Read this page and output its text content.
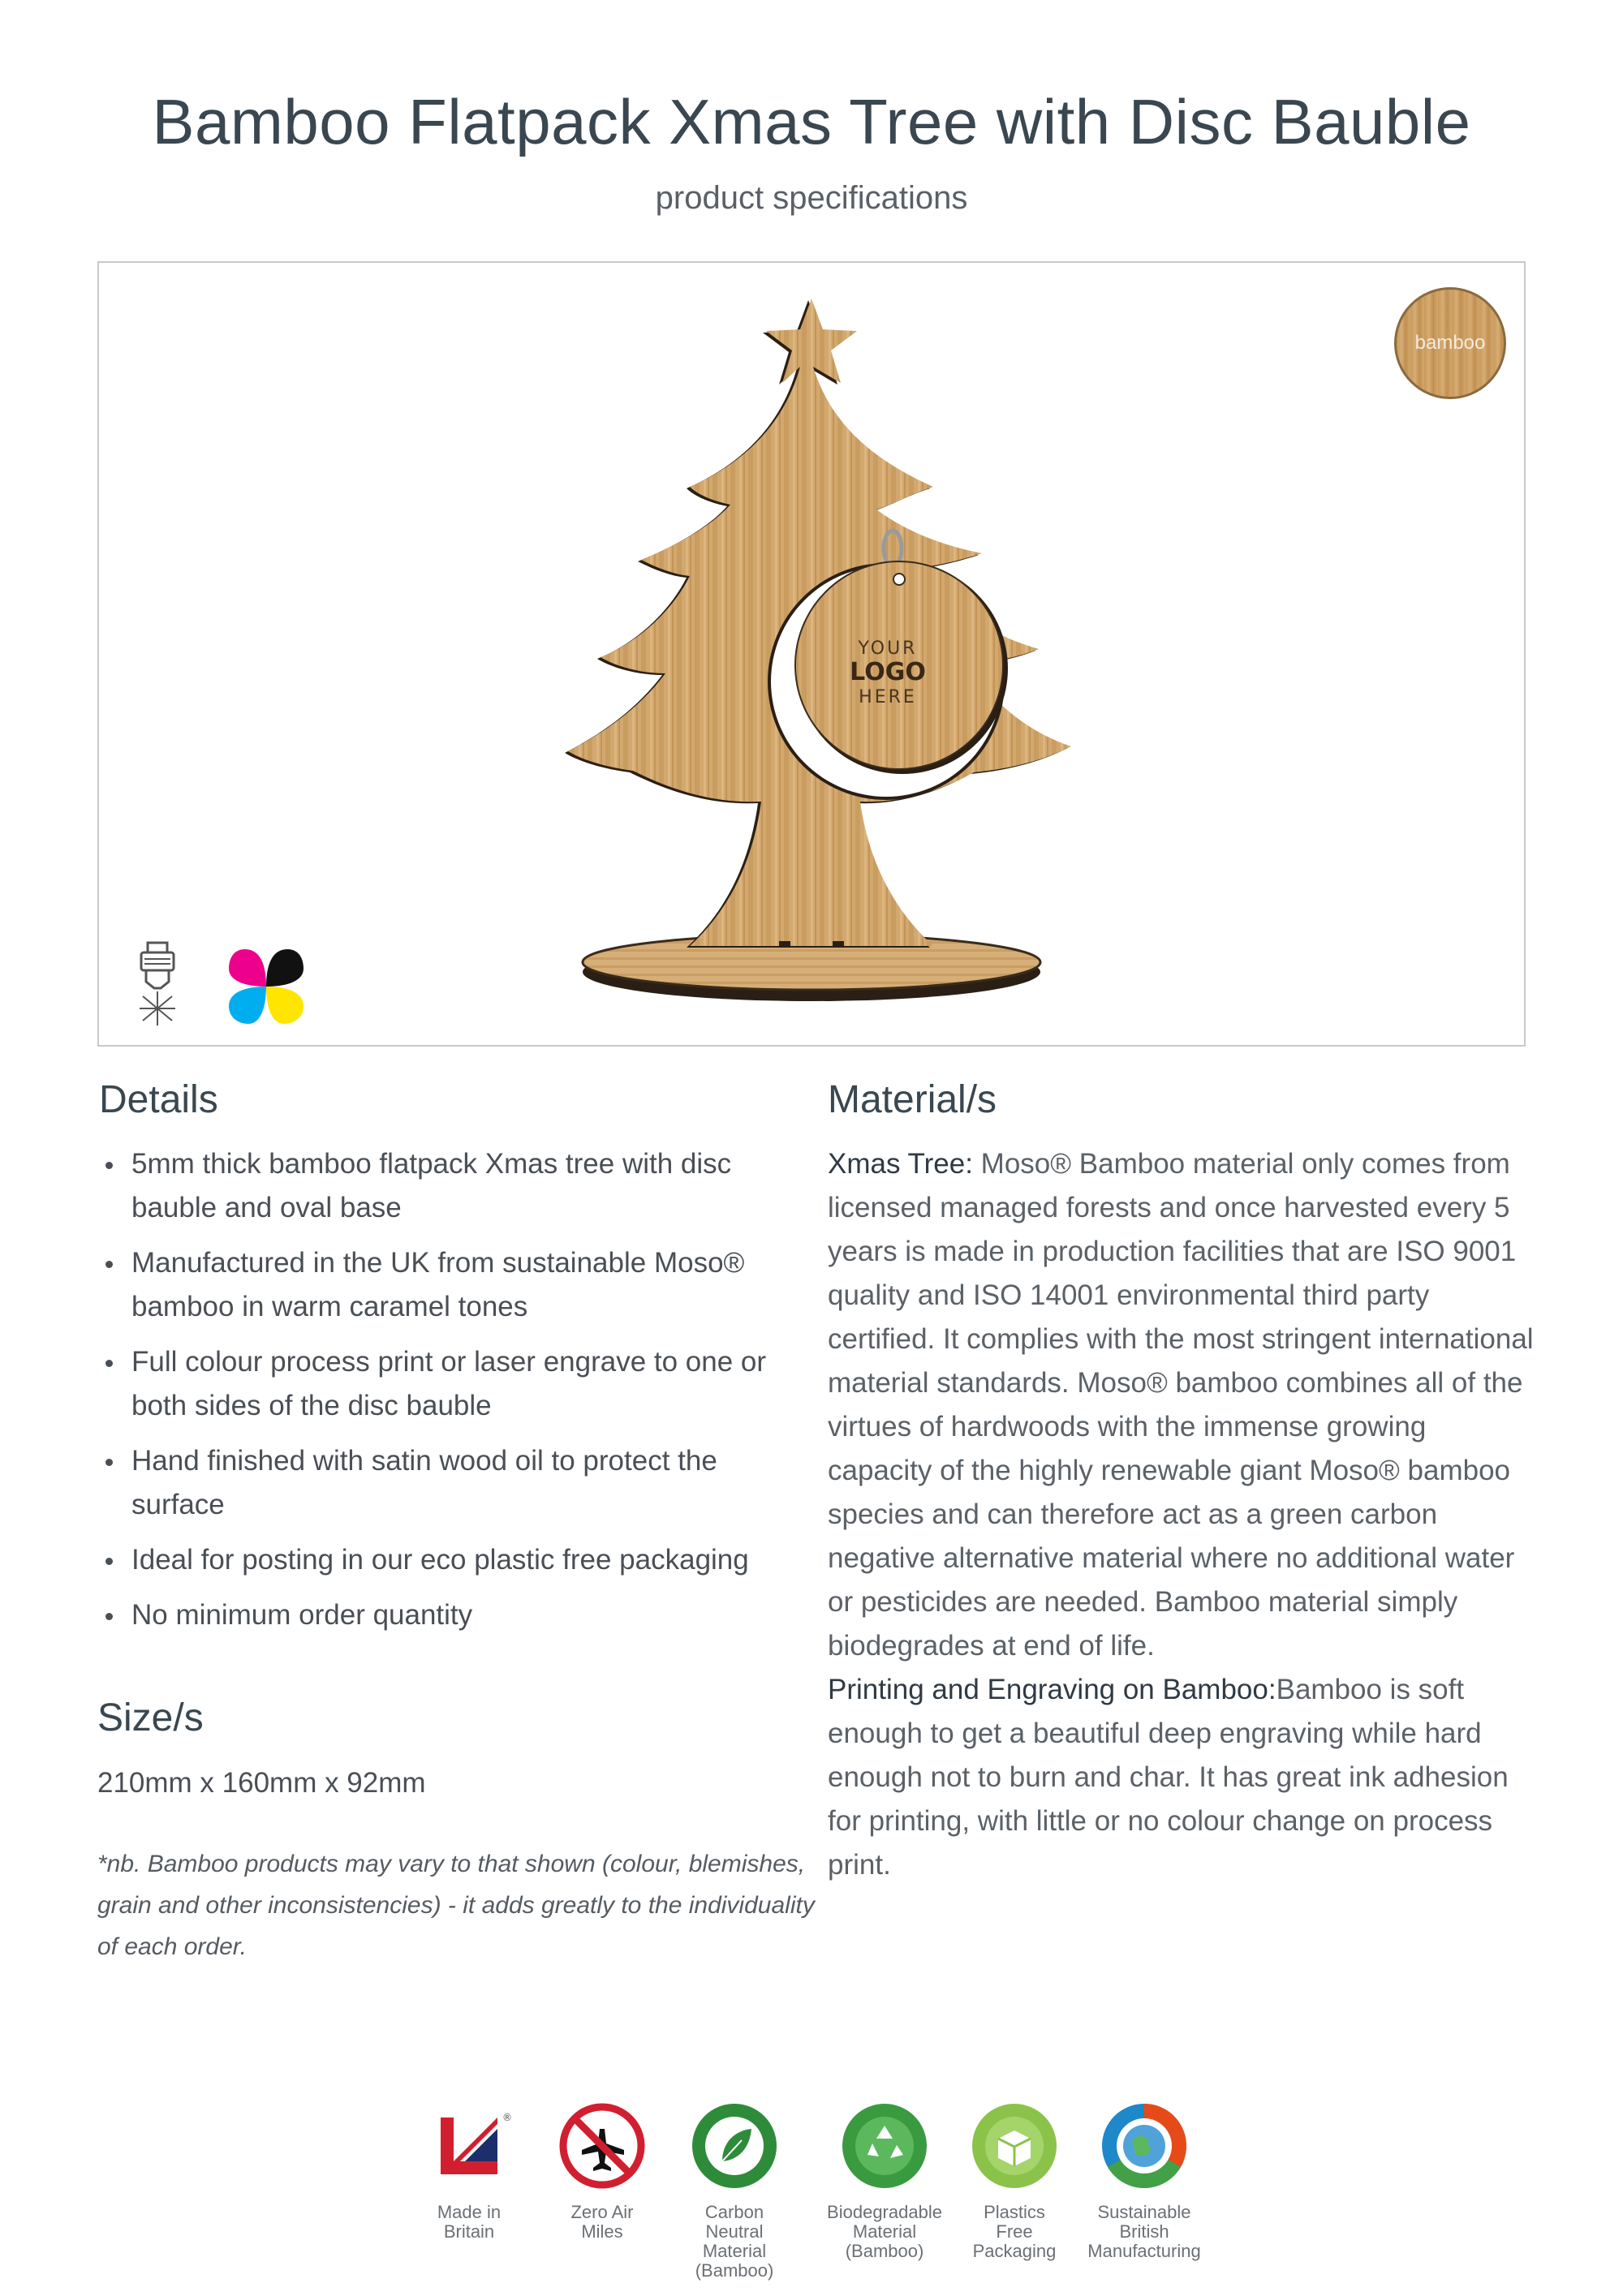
Bamboo Flatpack Xmas Tree with Disc Bauble
product specifications
bamboo
YOUR
LOGO
HERE
Details
5mm thick bamboo flatpack Xmas tree with disc bauble and oval base
Manufactured in the UK from sustainable Moso® bamboo in warm caramel tones
Full colour process print or laser engrave to one or both sides of the disc bauble
Hand finished with satin wood oil to protect the surface
Ideal for posting in our eco plastic free packaging
No minimum order quantity
Size/s
210mm x 160mm x 92mm
*nb. Bamboo products may vary to that shown (colour, blemishes, grain and other inconsistencies) - it adds greatly to the individuality of each order.
Material/s
Xmas Tree: Moso® Bamboo material only comes from licensed managed forests and once harvested every 5 years is made in production facilities that are ISO 9001 quality and ISO 14001 environmental third party certified. It complies with the most stringent international material standards. Moso® bamboo combines all of the virtues of hardwoods with the immense growing capacity of the highly renewable giant Moso® bamboo species and can therefore act as a green carbon negative alternative material where no additional water or pesticides are needed. Bamboo material simply biodegrades at end of life.
Printing and Engraving on Bamboo:Bamboo is soft enough to get a beautiful deep engraving while hard enough not to burn and char. It has great ink adhesion for printing, with little or no colour change on process print.
®
Made in
Britain
Zero Air
Miles
Carbon
Neutral
Material
(Bamboo)
Biodegradable
Material
(Bamboo)
Plastics
Free
Packaging
Sustainable
British
Manufacturing
